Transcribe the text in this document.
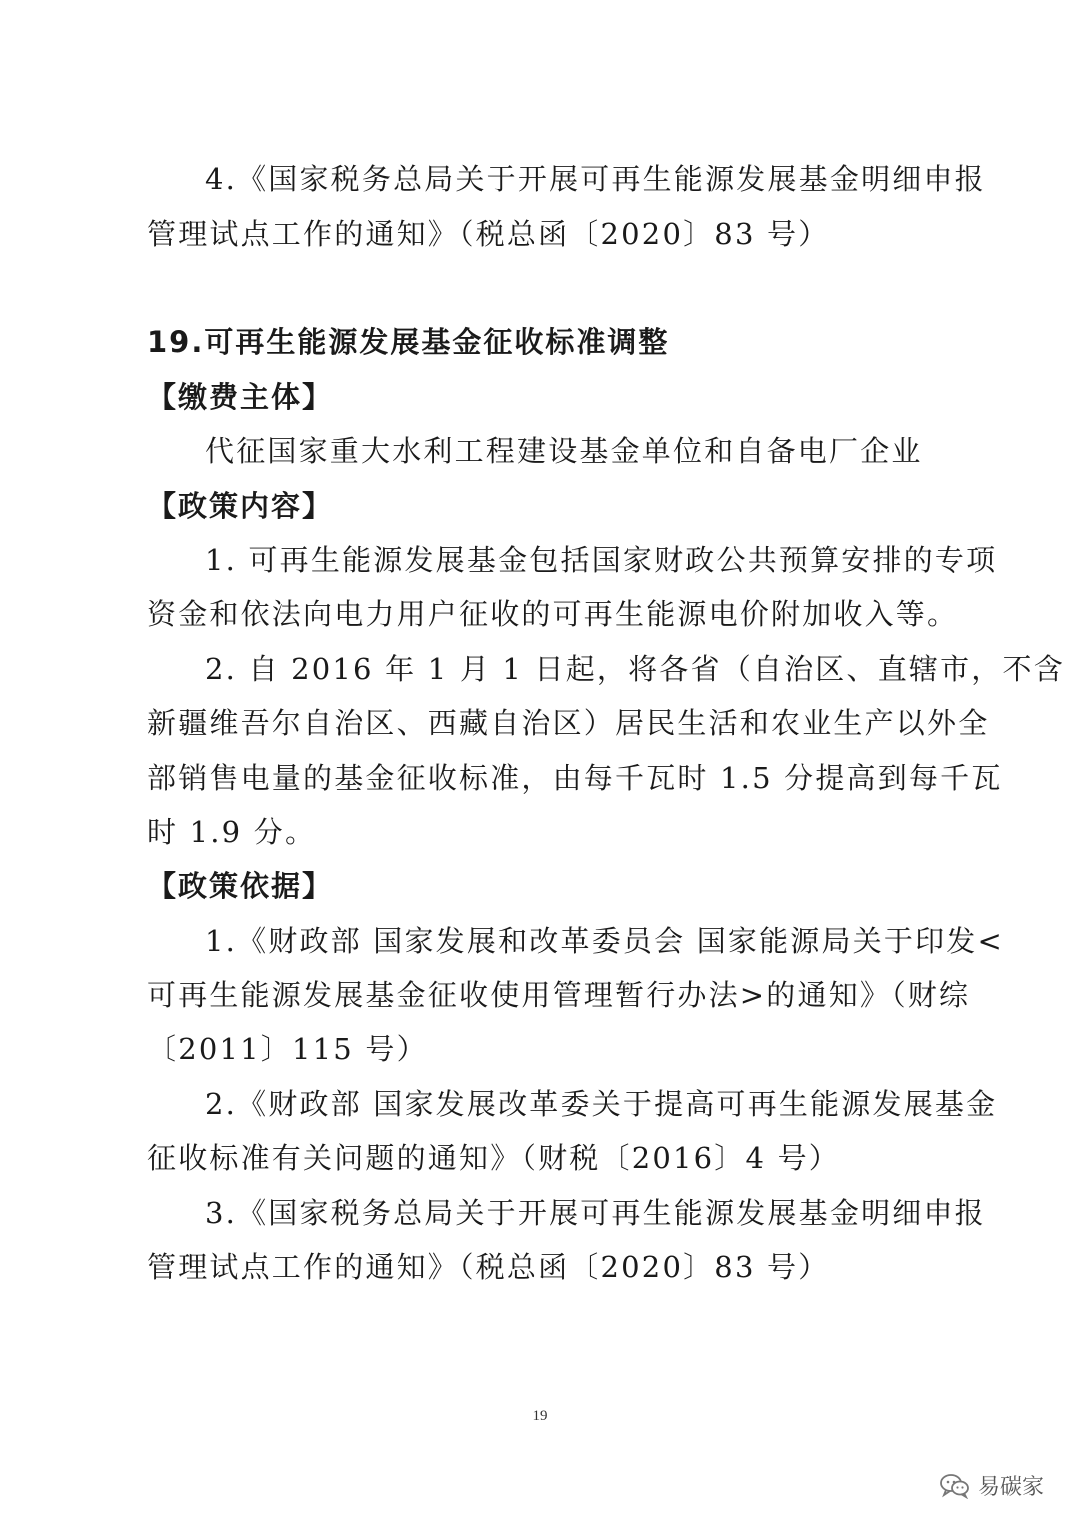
4.《国家税务总局关于开展可再生能源发展基金明细申报
管理试点工作的通知》（税总函〔2020〕83 号）
19.可再生能源发展基金征收标准调整
【缴费主体】
代征国家重大水利工程建设基金单位和自备电厂企业
【政策内容】
1. 可再生能源发展基金包括国家财政公共预算安排的专项
资金和依法向电力用户征收的可再生能源电价附加收入等。
2. 自 2016 年 1 月 1 日起，将各省（自治区、直辖市，不含
新疆维吾尔自治区、西藏自治区）居民生活和农业生产以外全
部销售电量的基金征收标准，由每千瓦时 1.5 分提高到每千瓦
时 1.9 分。
【政策依据】
1.《财政部 国家发展和改革委员会 国家能源局关于印发<
可再生能源发展基金征收使用管理暂行办法>的通知》（财综
〔2011〕115 号）
2.《财政部 国家发展改革委关于提高可再生能源发展基金
征收标准有关问题的通知》（财税〔2016〕4 号）
3.《国家税务总局关于开展可再生能源发展基金明细申报
管理试点工作的通知》（税总函〔2020〕83 号）
19
易碳家
